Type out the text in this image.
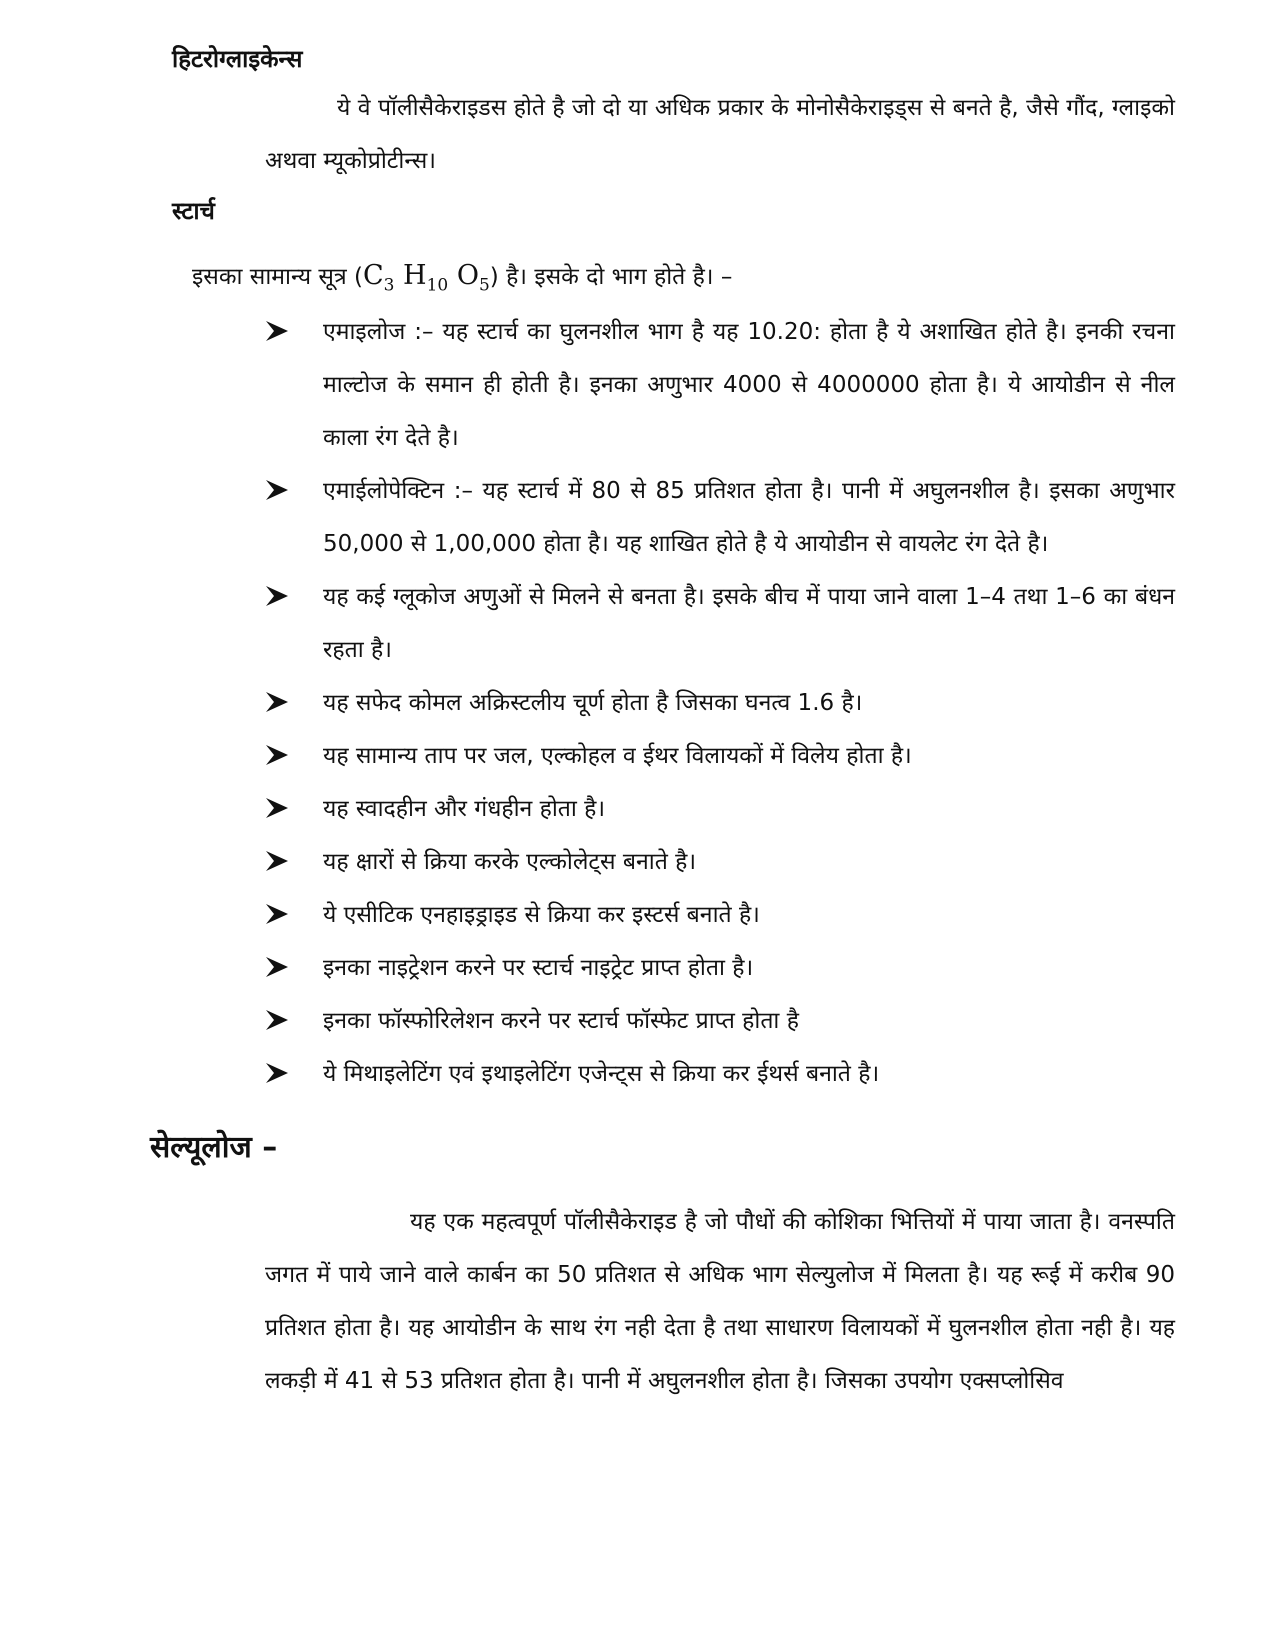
हिटरोग्लाइकेन्स
ये वे पॉलीसैकेराइडस होते है जो दो या अधिक प्रकार के मोनोसैकेराइड्स से बनते है, जैसे गौंद, ग्लाइको अथवा म्यूकोप्रोटीन्स।
स्टार्च
इसका सामान्य सूत्र ($C_3$ $H_{10}$ $O_5$) है। इसके दो भाग होते है। –
एमाइलोज :– यह स्टार्च का घुलनशील भाग है यह 10.20: होता है ये अशाखित होते है। इनकी रचना माल्टोज के समान ही होती है। इनका अणुभार 4000 से 4000000 होता है। ये आयोडीन से नील काला रंग देते है।
एमाईलोपेक्टिन :– यह स्टार्च में 80 से 85 प्रतिशत होता है। पानी में अघुलनशील है। इसका अणुभार 50,000 से 1,00,000 होता है। यह शाखित होते है ये आयोडीन से वायलेट रंग देते है।
यह कई ग्लूकोज अणुओं से मिलने से बनता है। इसके बीच में पाया जाने वाला 1–4 तथा 1–6 का बंधन रहता है।
यह सफेद कोमल अक्रिस्टलीय चूर्ण होता है जिसका घनत्व 1.6 है।
यह सामान्य ताप पर जल, एल्कोहल व ईथर विलायकों में विलेय होता है।
यह स्वादहीन और गंधहीन होता है।
यह क्षारों से क्रिया करके एल्कोलेट्स बनाते है।
ये एसीटिक एनहाइड्राइड से क्रिया कर इस्टर्स बनाते है।
इनका नाइट्रेशन करने पर स्टार्च नाइट्रेट प्राप्त होता है।
इनका फॉस्फोरिलेशन करने पर स्टार्च फॉस्फेट प्राप्त होता है
ये मिथाइलेटिंग एवं इथाइलेटिंग एजेन्ट्स से क्रिया कर ईथर्स बनाते है।
सेल्यूलोज –
यह एक महत्वपूर्ण पॉलीसैकेराइड है जो पौधों की कोशिका भित्तियों में पाया जाता है। वनस्पति जगत में पाये जाने वाले कार्बन का 50 प्रतिशत से अधिक भाग सेल्युलोज में मिलता है। यह रूई में करीब 90 प्रतिशत होता है। यह आयोडीन के साथ रंग नही देता है तथा साधारण विलायकों में घुलनशील होता नही है। यह लकड़ी में 41 से 53 प्रतिशत होता है। पानी में अघुलनशील होता है। जिसका उपयोग एक्सप्लोसिव
